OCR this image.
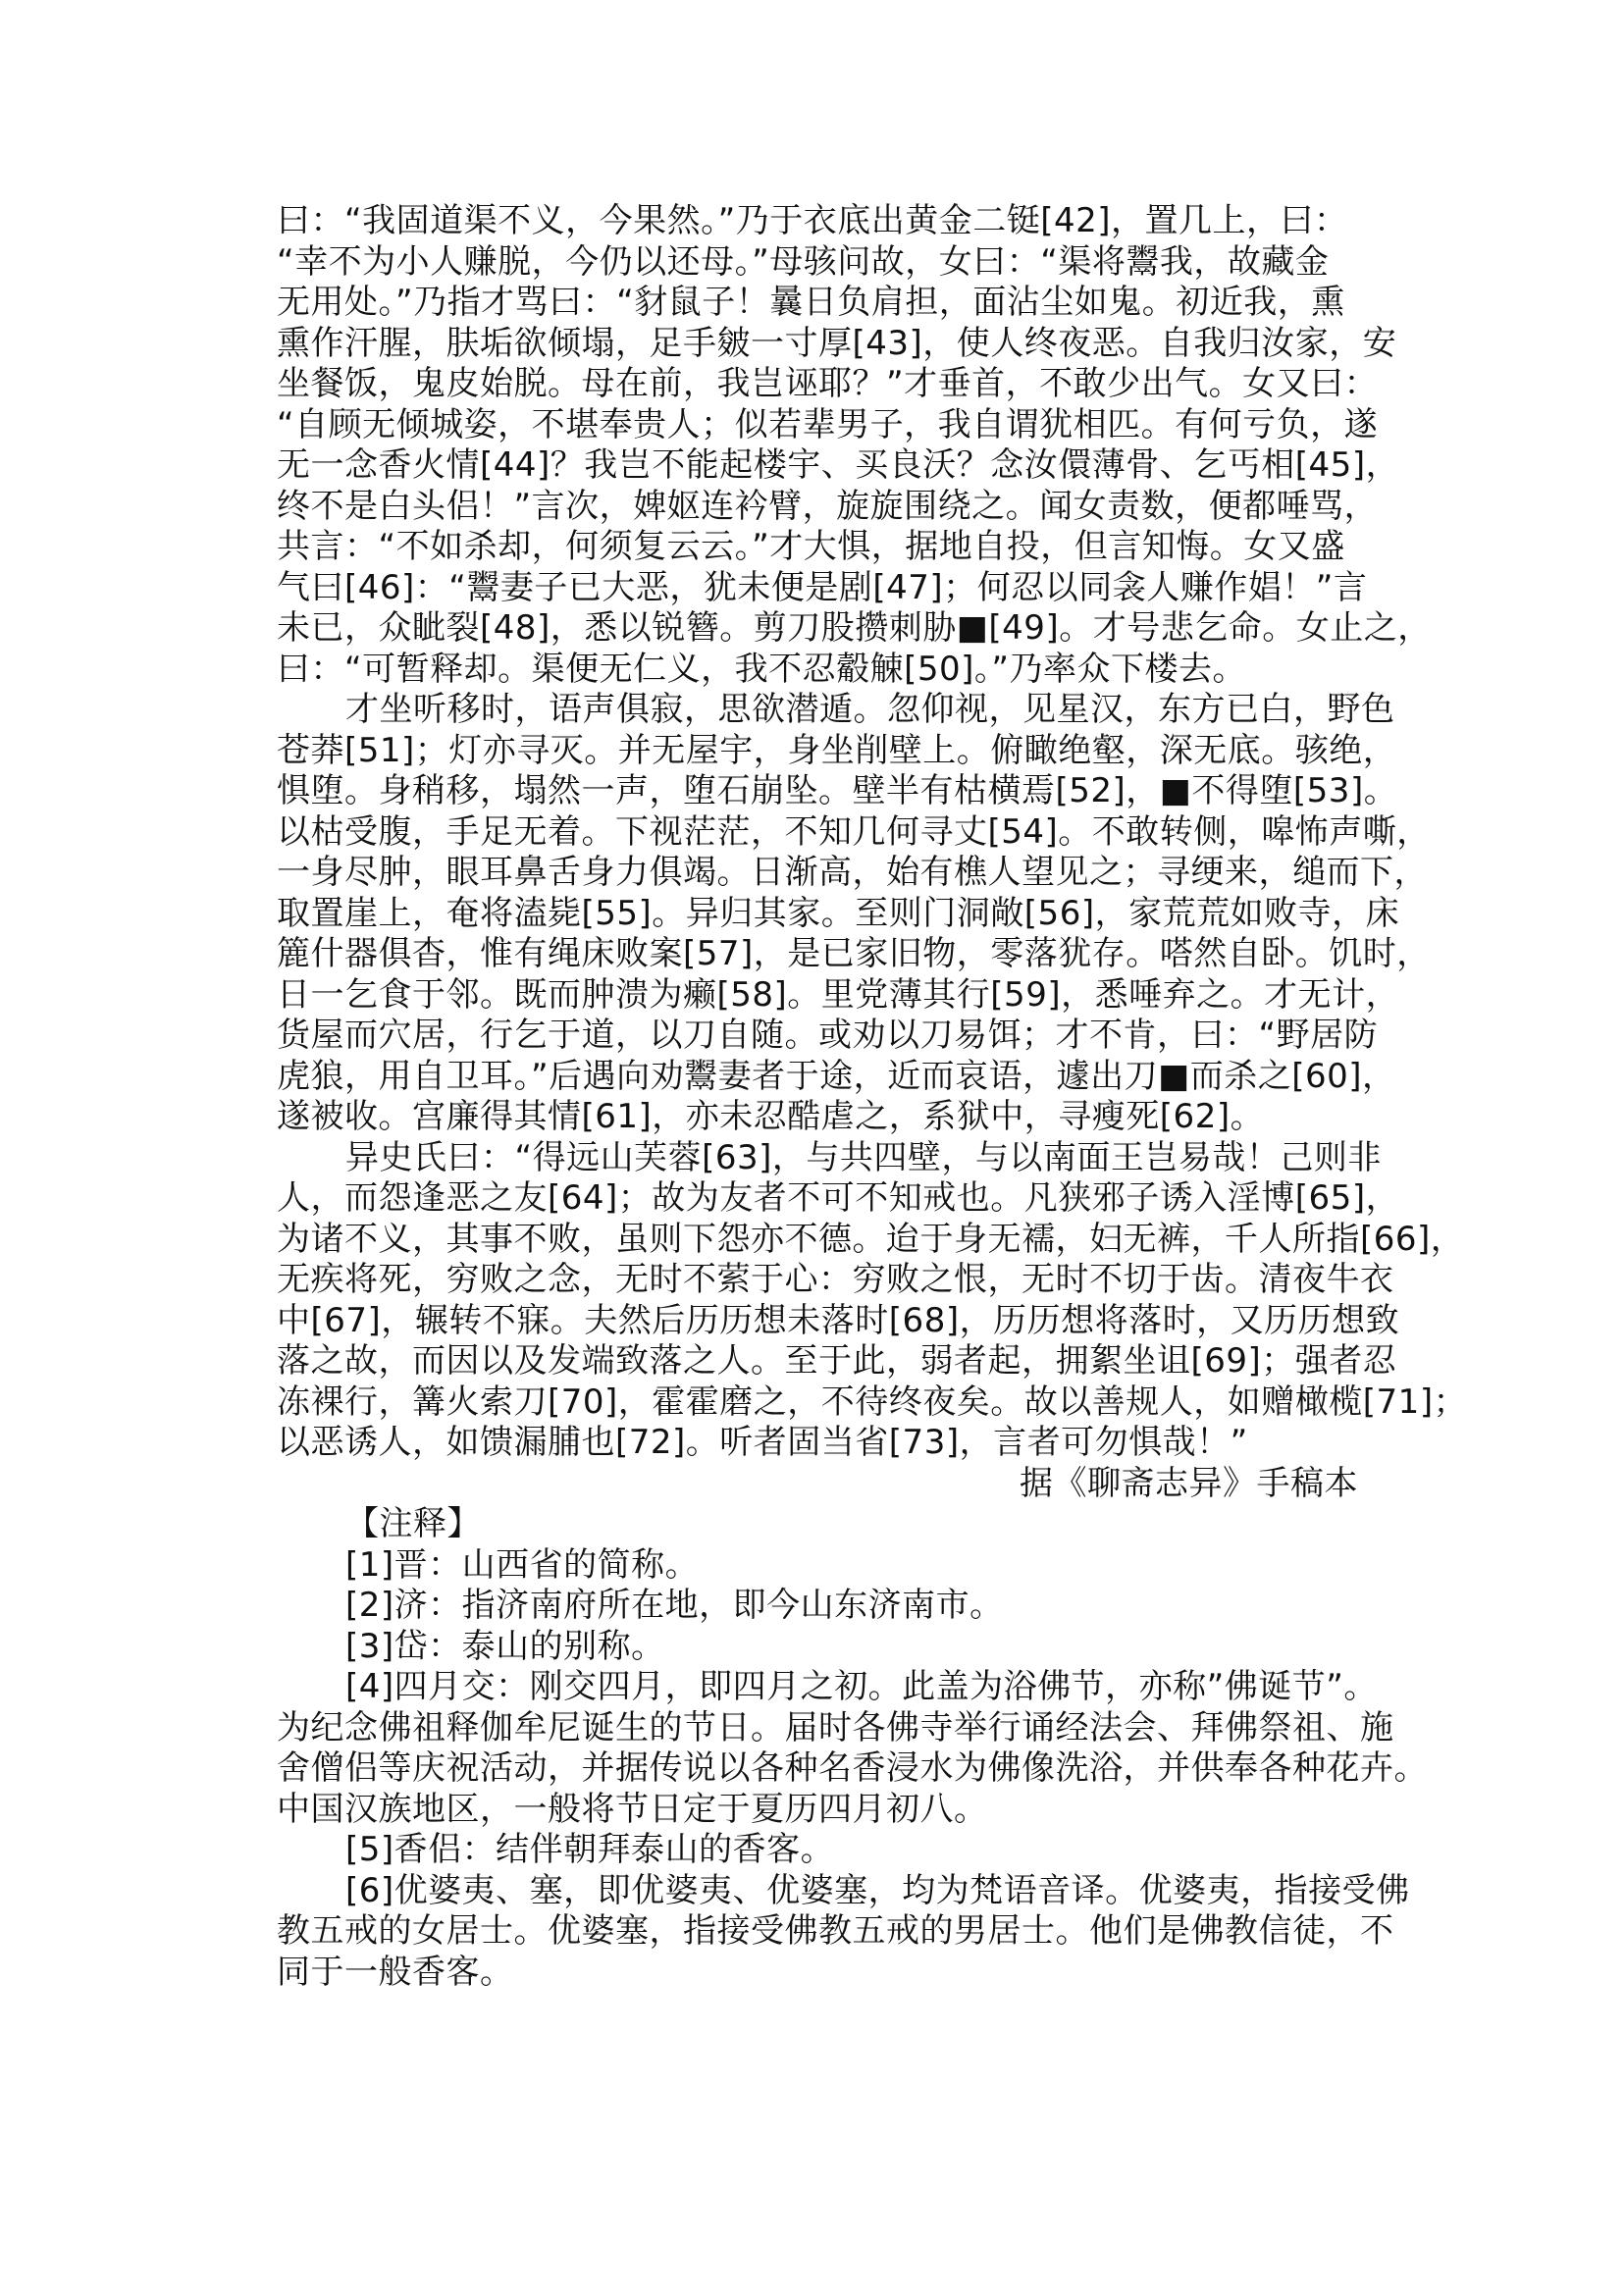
曰：“我固道渠不义，今果然。”乃于衣底出黄金二铤[42]，置几上，曰：
“幸不为小人赚脱，今仍以还母。”母骇问故，女曰：“渠将鬻我，故藏金
无用处。”乃指才骂曰：“豺鼠子！曩日负肩担，面沾尘如鬼。初近我，熏
熏作汗腥，肤垢欲倾塌，足手皴一寸厚[43]，使人终夜恶。自我归汝家，安
坐餐饭，鬼皮始脱。母在前，我岂诬耶？”才垂首，不敢少出气。女又曰：
“自顾无倾城姿，不堪奉贵人；似若辈男子，我自谓犹相匹。有何亏负，遂
无一念香火情[44]？我岂不能起楼宇、买良沃？念汝儇薄骨、乞丐相[45]，
终不是白头侣！”言次，婢妪连衿臂，旋旋围绕之。闻女责数，便都唾骂，
共言：“不如杀却，何须复云云。”才大惧，据地自投，但言知悔。女又盛
气曰[46]：“鬻妻子已大恶，犹未便是剧[47]；何忍以同衾人赚作娼！”言
未已，众眦裂[48]，悉以锐簪。剪刀股攒刺胁■[49]。才号悲乞命。女止之，
曰：“可暂释却。渠便无仁义，我不忍觳觫[50]。”乃率众下楼去。
才坐听移时，语声俱寂，思欲潜遁。忽仰视，见星汉，东方已白，野色
苍莽[51]；灯亦寻灭。并无屋宇，身坐削壁上。俯瞰绝壑，深无底。骇绝，
惧堕。身稍移，塌然一声，堕石崩坠。壁半有枯横焉[52]，■不得堕[53]。
以枯受腹，手足无着。下视茫茫，不知几何寻丈[54]。不敢转侧，嗥怖声嘶，
一身尽肿，眼耳鼻舌身力俱竭。日渐高，始有樵人望见之；寻绠来，缒而下，
取置崖上，奄将溘毙[55]。异归其家。至则门洞敞[56]，家荒荒如败寺，床
簏什器俱杳，惟有绳床败案[57]，是已家旧物，零落犹存。嗒然自卧。饥时，
日一乞食于邻。既而肿溃为癞[58]。里党薄其行[59]，悉唾弃之。才无计，
货屋而穴居，行乞于道，以刀自随。或劝以刀易饵；才不肯，曰：“野居防
虎狼，用自卫耳。”后遇向劝鬻妻者于途，近而哀语，遽出刀■而杀之[60]，
遂被收。宫廉得其情[61]，亦未忍酷虐之，系狱中，寻瘦死[62]。
异史氏曰：“得远山芙蓉[63]，与共四壁，与以南面王岂易哉！己则非
人，而怨逢恶之友[64]；故为友者不可不知戒也。凡狭邪子诱入淫博[65]，
为诸不义，其事不败，虽则下怨亦不德。迨于身无襦，妇无裤，千人所指[66]，
无疾将死，穷败之念，无时不萦于心：穷败之恨，无时不切于齿。清夜牛衣
中[67]，辗转不寐。夫然后历历想未落时[68]，历历想将落时，又历历想致
落之故，而因以及发端致落之人。至于此，弱者起，拥絮坐诅[69]；强者忍
冻裸行，篝火索刀[70]，霍霍磨之，不待终夜矣。故以善规人，如赠橄榄[71]；
以恶诱人，如馈漏脯也[72]。听者固当省[73]，言者可勿惧哉！”
据《聊斋志异》手稿本
【注释】
[1]晋：山西省的简称。
[2]济：指济南府所在地，即今山东济南市。
[3]岱：泰山的别称。
[4]四月交：刚交四月，即四月之初。此盖为浴佛节，亦称”佛诞节”。
为纪念佛祖释伽牟尼诞生的节日。届时各佛寺举行诵经法会、拜佛祭祖、施
舍僧侣等庆祝活动，并据传说以各种名香浸水为佛像洗浴，并供奉各种花卉。
中国汉族地区，一般将节日定于夏历四月初八。
[5]香侣：结伴朝拜泰山的香客。
[6]优婆夷、塞，即优婆夷、优婆塞，均为梵语音译。优婆夷，指接受佛
教五戒的女居士。优婆塞，指接受佛教五戒的男居士。他们是佛教信徒，不
同于一般香客。
